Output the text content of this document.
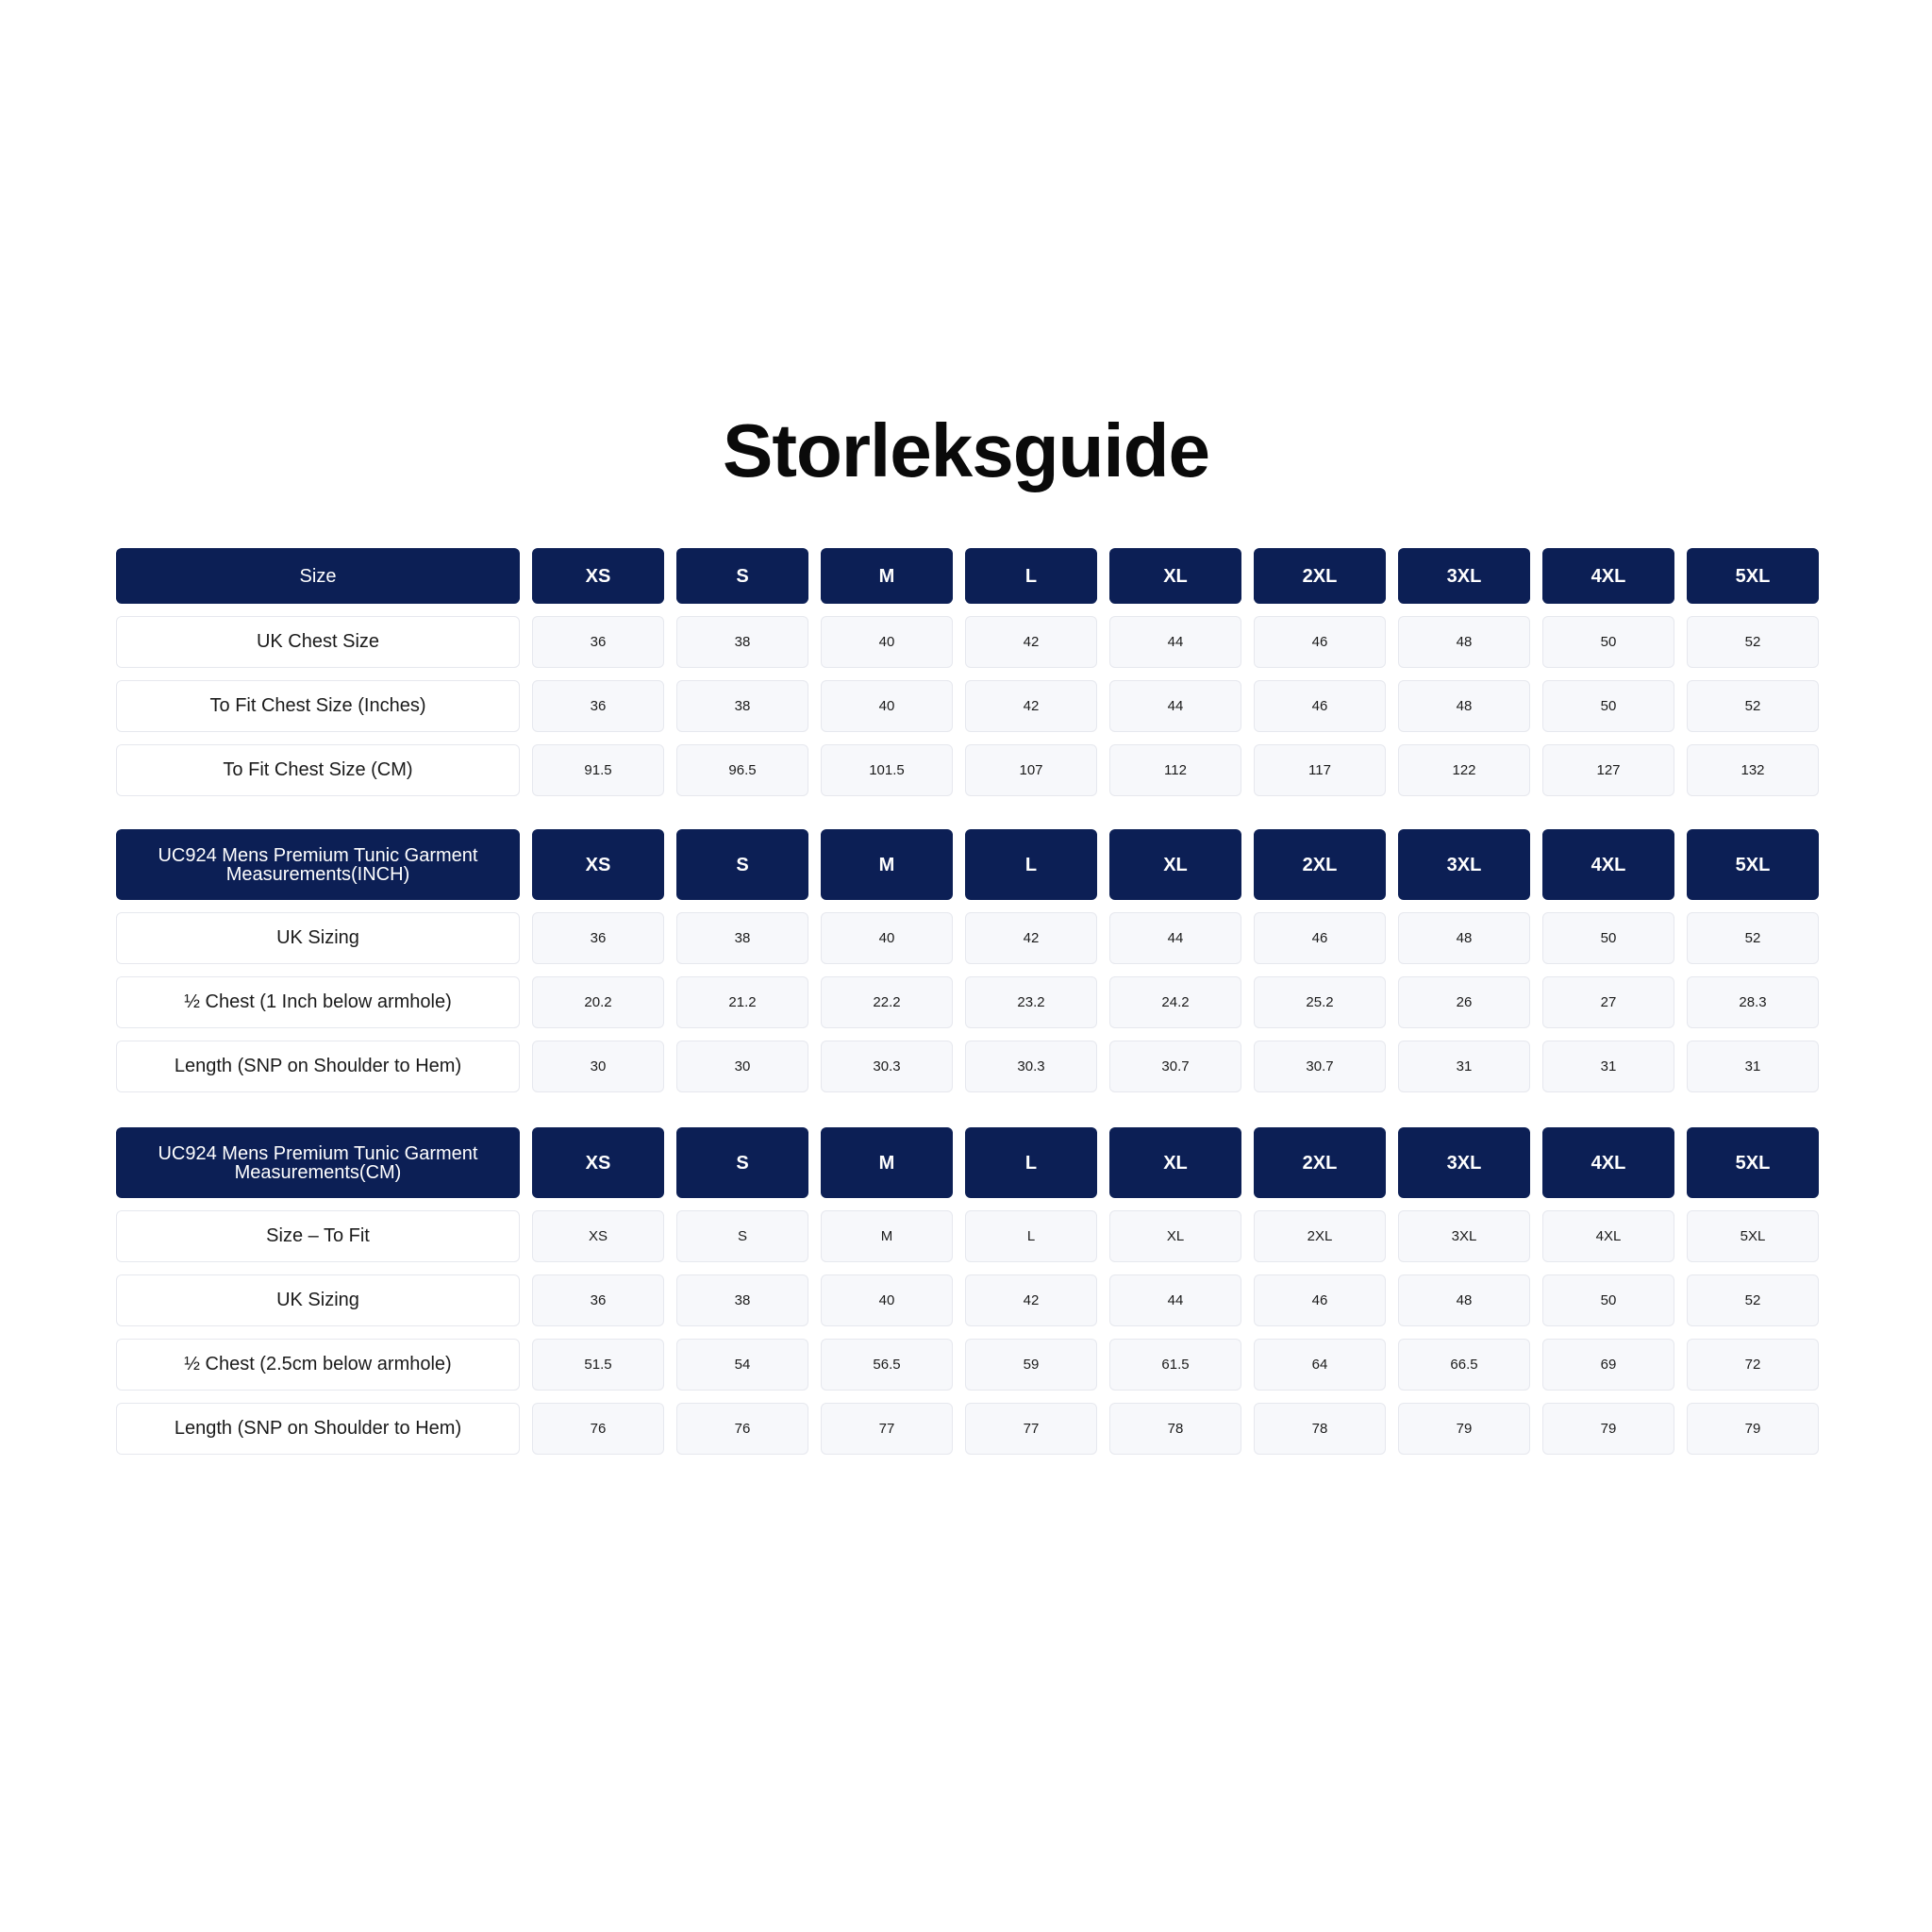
Storleksguide
Size	XS	S	M	L	XL	2XL	3XL	4XL	5XL
UK Chest Size	36	38	40	42	44	46	48	50	52
To Fit Chest Size (Inches)	36	38	40	42	44	46	48	50	52
To Fit Chest Size (CM)	91.5	96.5	101.5	107	112	117	122	127	132
UC924 Mens Premium Tunic Garment Measurements(INCH)	XS	S	M	L	XL	2XL	3XL	4XL	5XL
UK Sizing	36	38	40	42	44	46	48	50	52
½ Chest (1 Inch below armhole)	20.2	21.2	22.2	23.2	24.2	25.2	26	27	28.3
Length (SNP on Shoulder to Hem)	30	30	30.3	30.3	30.7	30.7	31	31	31
UC924 Mens Premium Tunic Garment Measurements(CM)	XS	S	M	L	XL	2XL	3XL	4XL	5XL
Size – To Fit	XS	S	M	L	XL	2XL	3XL	4XL	5XL
UK Sizing	36	38	40	42	44	46	48	50	52
½ Chest (2.5cm below armhole)	51.5	54	56.5	59	61.5	64	66.5	69	72
Length (SNP on Shoulder to Hem)	76	76	77	77	78	78	79	79	79
